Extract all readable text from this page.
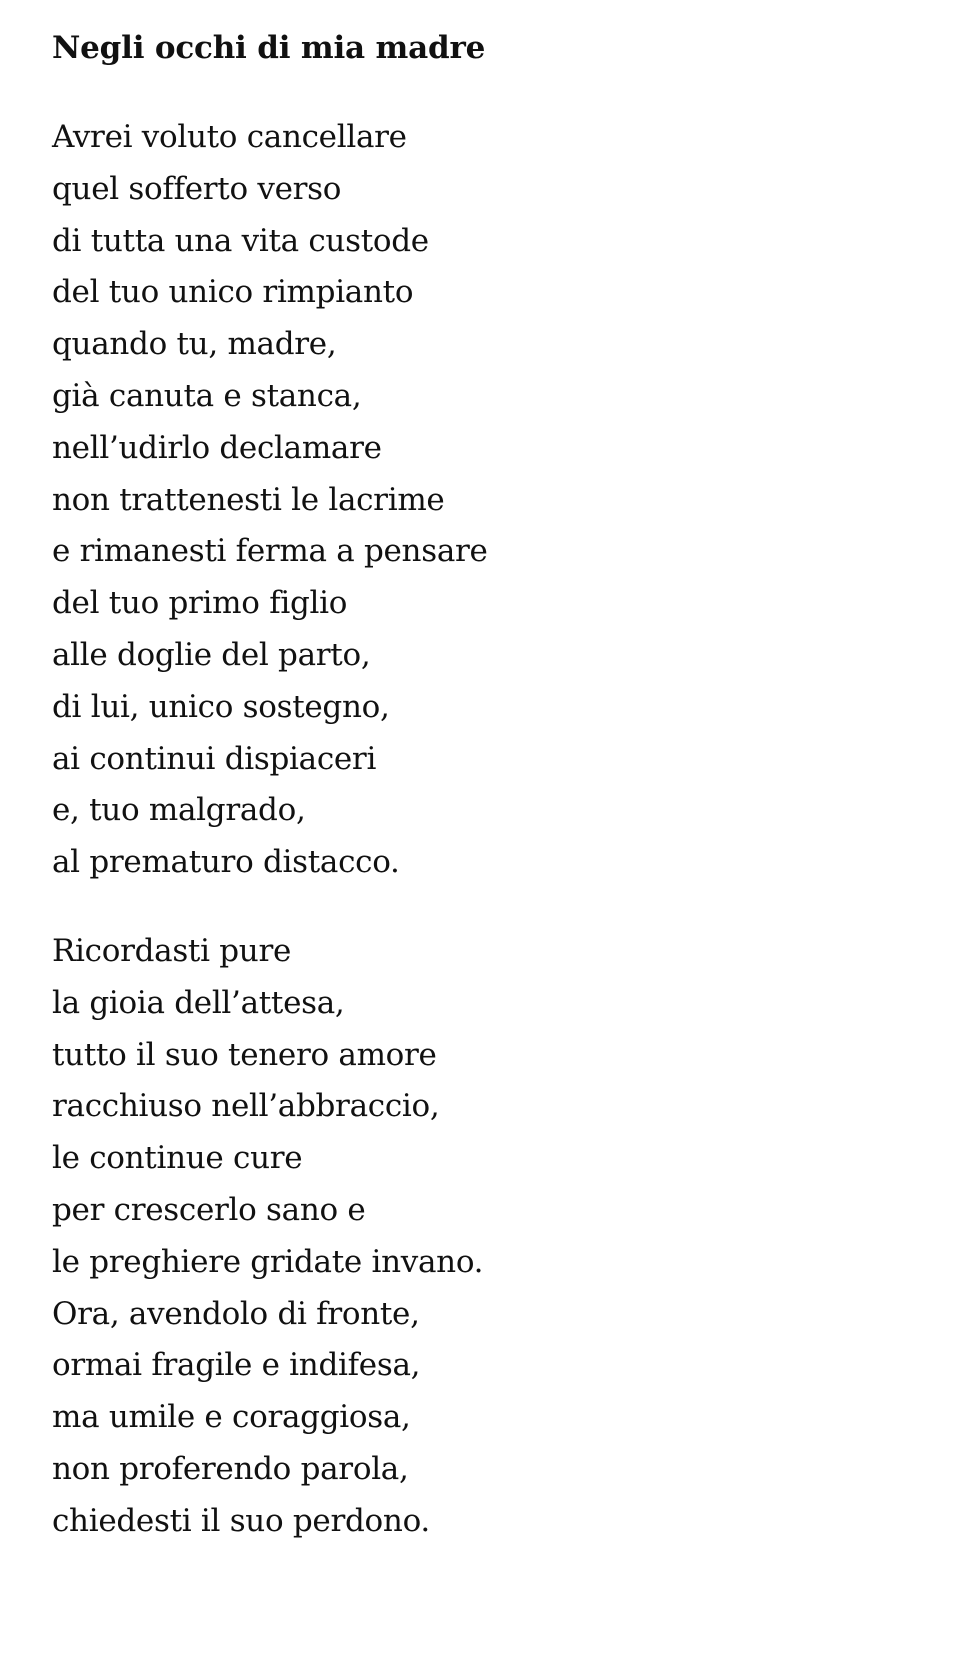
Negli occhi di mia madre
Avrei voluto cancellare
quel sofferto verso
di tutta una vita custode
del tuo unico rimpianto
quando tu, madre,
già canuta e stanca,
nell’udirlo declamare
non trattenesti le lacrime
e rimanesti ferma a pensare
del tuo primo figlio
alle doglie del parto,
di lui, unico sostegno,
ai continui dispiaceri
e, tuo malgrado,
al prematuro distacco.
Ricordasti pure
la gioia dell’attesa,
tutto il suo tenero amore
racchiuso nell’abbraccio,
le continue cure
per crescerlo sano e
le preghiere gridate invano.
Ora, avendolo di fronte,
ormai fragile e indifesa,
ma umile e coraggiosa,
non proferendo parola,
chiedesti il suo perdono.
